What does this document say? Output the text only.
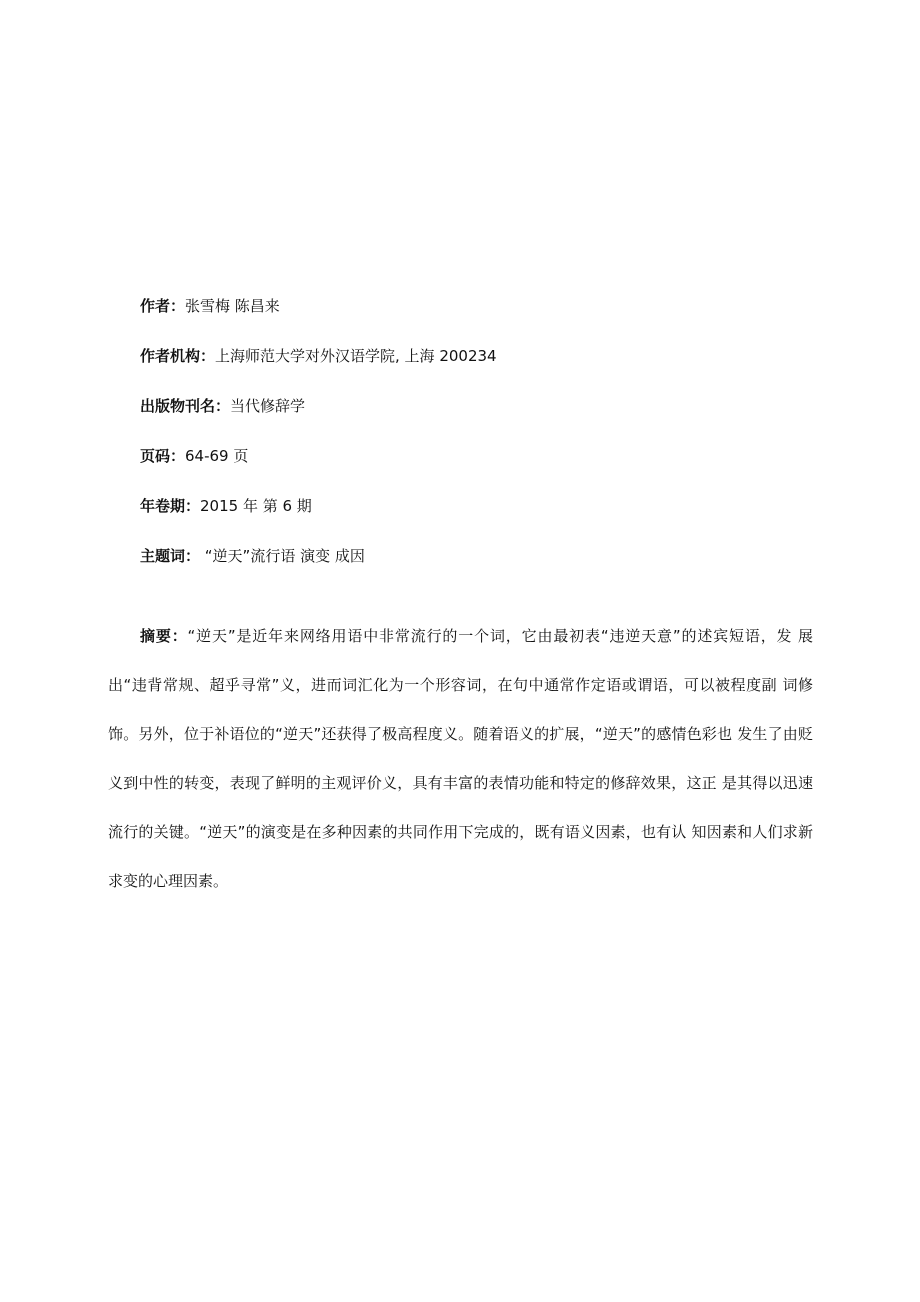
作者：张雪梅 陈昌来
作者机构：上海师范大学对外汉语学院, 上海 200234
出版物刊名：当代修辞学
页码：64-69 页
年卷期：2015 年 第 6 期
主题词： “逆天”流行语 演变 成因
摘要：“逆天”是近年来网络用语中非常流行的一个词，它由最初表“违逆天意”的述宾短语，发 展出“违背常规、超乎寻常”义，进而词汇化为一个形容词，在句中通常作定语或谓语，可以被程度副 词修饰。另外，位于补语位的“逆天”还获得了极高程度义。随着语义的扩展，“逆天”的感情色彩也 发生了由贬义到中性的转变，表现了鲜明的主观评价义，具有丰富的表情功能和特定的修辞效果，这正 是其得以迅速流行的关键。“逆天”的演变是在多种因素的共同作用下完成的，既有语义因素，也有认 知因素和人们求新求变的心理因素。
